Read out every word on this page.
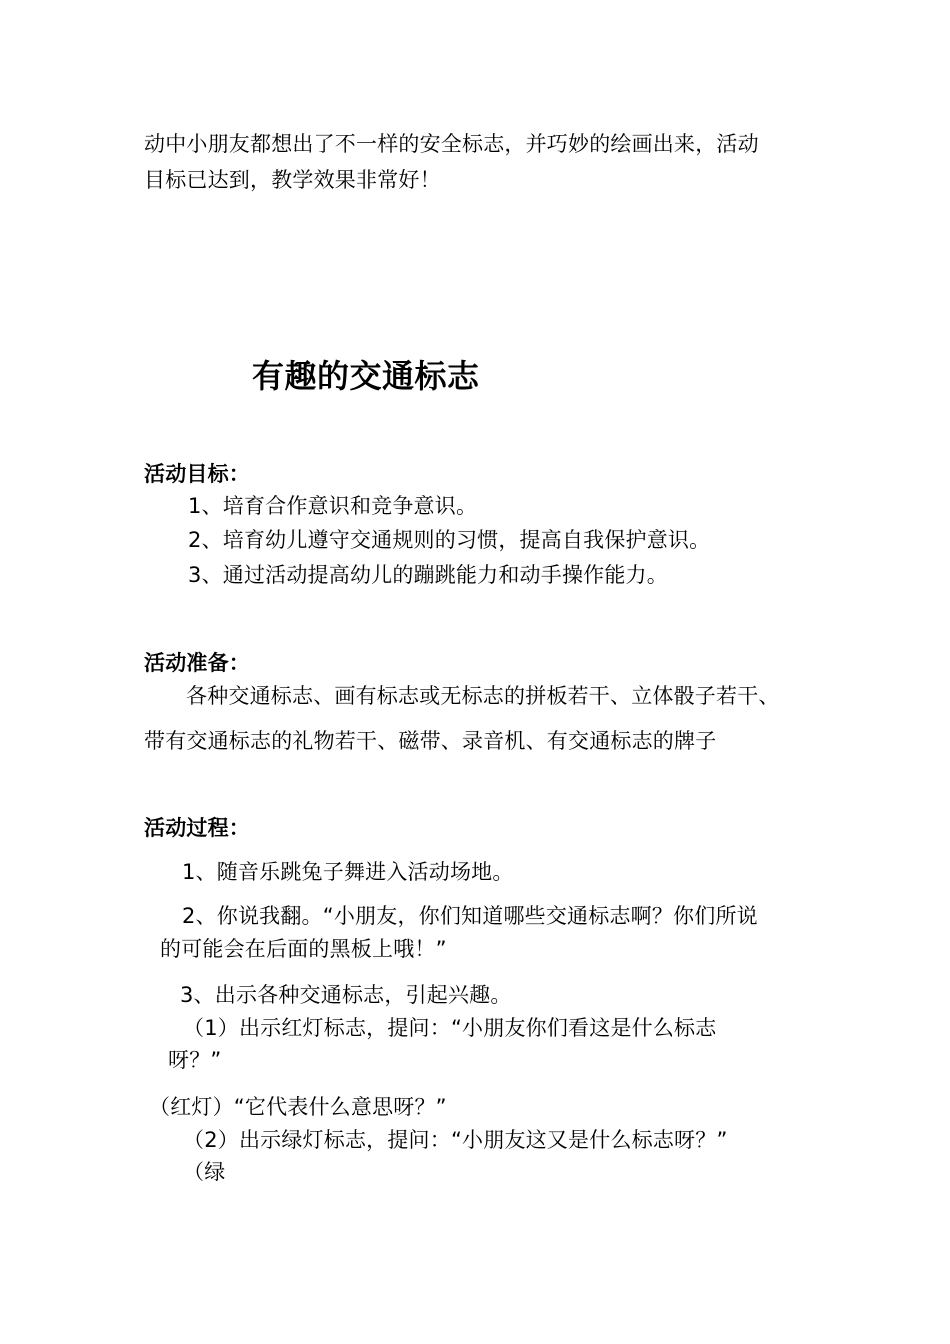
动中小朋友都想出了不一样的安全标志，并巧妙的绘画出来，活动
目标已达到，教学效果非常好！
有趣的交通标志
活动目标：
1、培育合作意识和竞争意识。
2、培育幼儿遵守交通规则的习惯，提高自我保护意识。
3、通过活动提高幼儿的蹦跳能力和动手操作能力。
活动准备：
各种交通标志、画有标志或无标志的拼板若干、立体骰子若干、
带有交通标志的礼物若干、磁带、录音机、有交通标志的牌子
活动过程：
1、随音乐跳兔子舞进入活动场地。
2、你说我翻。“小朋友，你们知道哪些交通标志啊？你们所说
的可能会在后面的黑板上哦！”
3、出示各种交通标志，引起兴趣。
（1）出示红灯标志，提问：“小朋友你们看这是什么标志
呀？”
（红灯）“它代表什么意思呀？”
（2）出示绿灯标志，提问：“小朋友这又是什么标志呀？”
（绿
